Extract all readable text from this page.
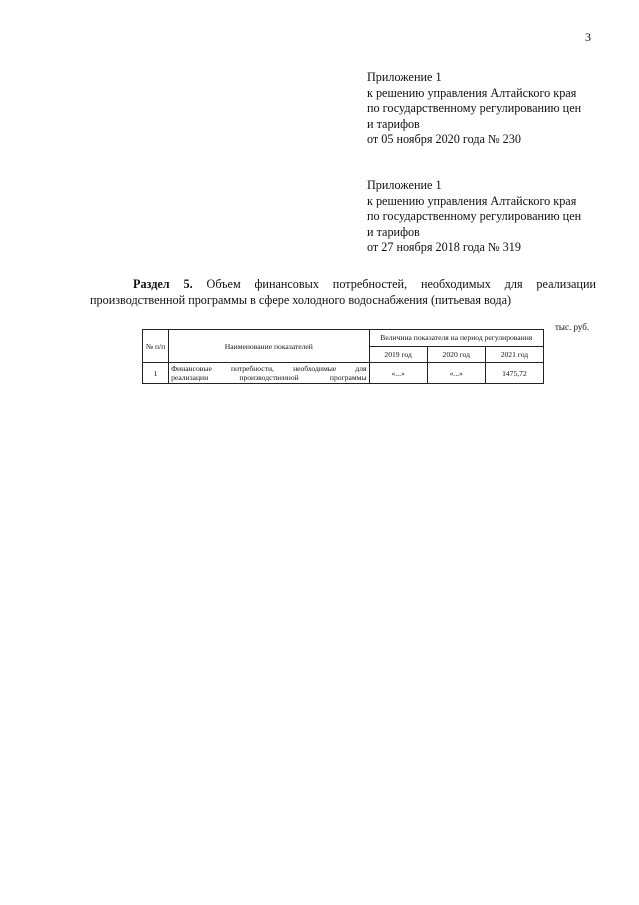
3
Приложение 1
к решению управления Алтайского края
по государственному регулированию цен
и тарифов
от 05 ноября 2020 года № 230
Приложение 1
к решению управления Алтайского края
по государственному регулированию цен
и тарифов
от 27 ноября 2018 года № 319
Раздел 5. Объем финансовых потребностей, необходимых для реализации
производственной программы в сфере холодного водоснабжения (питьевая вода)
тыс. руб.
№ п/п	Наименование показателей	Величина показателя на период регулирования		
		2019 год	2020 год	2021 год
1	Финансовые потребности, необходимые для
реализации производственной программы	«...»	«...»	1475,72
